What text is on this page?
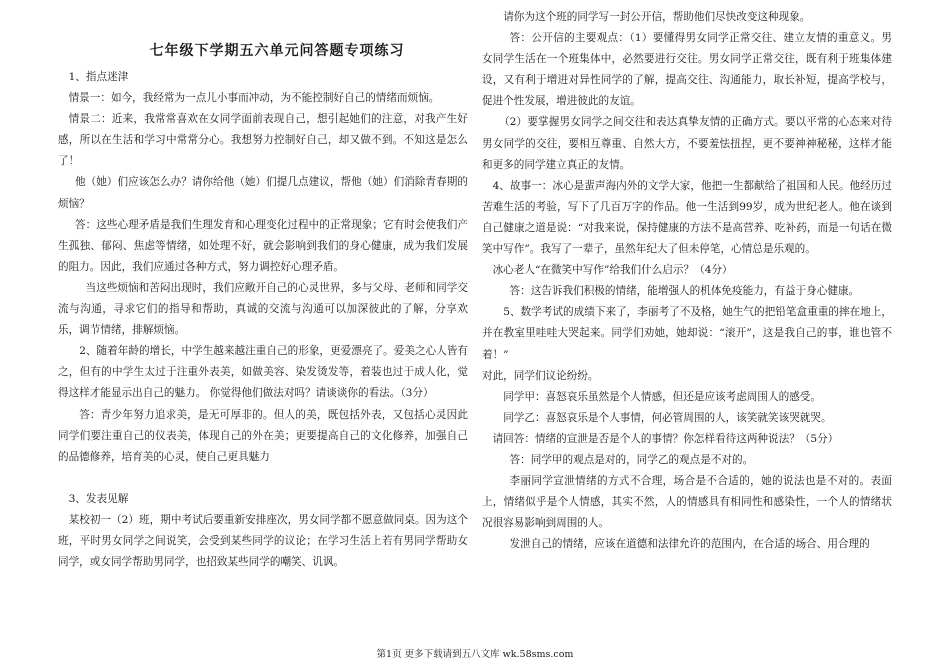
七年级下学期五六单元问答题专项练习

1、指点迷津

情景一：如今，我经常为一点儿小事而冲动，为不能控制好自己的情绪而烦恼。

情景二：近来，我常常喜欢在女同学面前表现自己，想引起她们的注意，对我产生好感，所以在生活和学习中常常分心。我想努力控制好自己，却又做不到。不知这是怎么了！

他（她）们应该怎么办？请你给他（她）们提几点建议，帮他（她）们消除青春期的烦恼？

答：这些心理矛盾是我们生理发育和心理变化过程中的正常现象；它有时会使我们产生孤独、郁闷、焦虑等情绪，如处理不好，就会影响到我们的身心健康，成为我们发展的阻力。因此，我们应通过各种方式，努力调控好心理矛盾。

当这些烦恼和苦闷出现时，我们应敞开自己的心灵世界，多与父母、老师和同学交流与沟通，寻求它们的指导和帮助，真诚的交流与沟通可以加深彼此的了解，分享欢乐，调节情绪，排解烦恼。

2、随着年龄的增长，中学生越来越注重自己的形象，更爱漂亮了。爱美之心人皆有之，但有的中学生太过于注重外表美，如做美容、染发烫发等，着装也过于成人化，觉得这样才能显示出自己的魅力。 你觉得他们做法对吗？请谈谈你的看法。（3分）

答：青少年努力追求美，是无可厚非的。但人的美，既包括外表，又包括心灵因此同学们要注重自己的仪表美，体现自己的外在美；更要提高自己的文化修养，加强自己的品德修养，培育美的心灵，使自己更具魅力

3、发表见解

某校初一（2）班，期中考试后要重新安排座次，男女同学都不愿意做同桌。因为这个班，平时男女同学之间说笑，会受到某些同学的议论；在学习生活上若有男同学帮助女同学，或女同学帮助男同学，也招致某些同学的嘲笑、讥讽。

请你为这个班的同学写一封公开信，帮助他们尽快改变这种现象。

答：公开信的主要观点：（1）要懂得男女同学正常交往、建立友情的重意义。男女同学生活在一个班集体中，必然要进行交往。男女同学正常交往，既有利于班集体建设，又有利于增进对异性同学的了解，提高交往、沟通能力，取长补短，提高学校与，促进个性发展，增进彼此的友谊。

（2）要掌握男女同学之间交往和表达真挚友情的正确方式。要以平常的心态来对待男女同学的交往，要相互尊重、自然大方，不要羞怯扭捏，更不要神神秘秘，这样才能和更多的同学建立真正的友情。

4、故事一：冰心是蜚声海内外的文学大家，他把一生都献给了祖国和人民。他经历过苦难生活的考验，写下了几百万字的作品。他一生活到99岁，成为世纪老人。他在谈到自己健康之道是说：“对我来说，保持健康的方法不是高营养、吃补药，而是一句话在微笑中写作”。我写了一辈子，虽然年纪大了但未停笔，心情总是乐观的。

冰心老人“在微笑中写作”给我们什么启示？（4分）

答：这告诉我们积极的情绪，能增强人的机体免疫能力，有益于身心健康。

5、数学考试的成绩下来了，李丽考了不及格，她生气的把铅笔盒重重的摔在地上，并在教室里哇哇大哭起来。同学们劝她，她却说：“滚开”，这是我自己的事，谁也管不着！”

对此，同学们议论纷纷。

同学甲：喜怒哀乐虽然是个人情感，但还是应该考虑周围人的感受。

同学乙：喜怒哀乐是个人事情，何必管周围的人，该笑就笑该哭就哭。

请回答：情绪的宣泄是否是个人的事情？你怎样看待这两种说法？（5分）

答：同学甲的观点是对的，同学乙的观点是不对的。

李丽同学宣泄情绪的方式不合理，场合是不合适的，她的说法也是不对的。表面上，情绪似乎是个人情感，其实不然，人的情感具有相同性和感染性，一个人的情绪状况很容易影响到周围的人。

发泄自己的情绪，应该在道德和法律允许的范围内，在合适的场合、用合理的

第1页 更多下载请到五八文库 wk.58sms.com
